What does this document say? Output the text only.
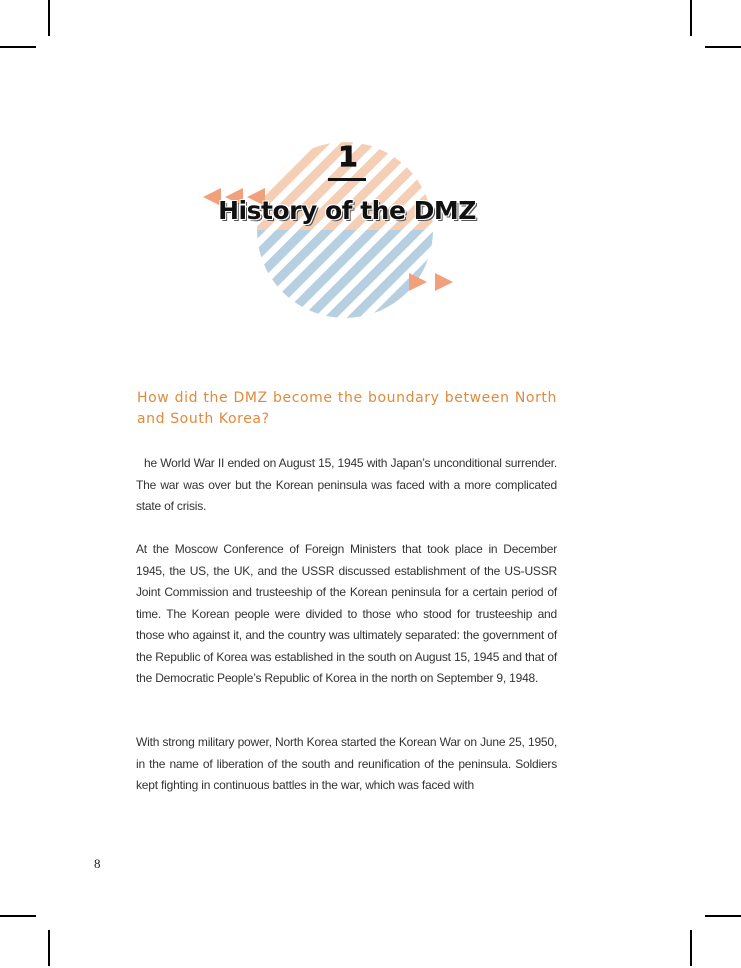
1
History of the DMZ
How did the DMZ become the boundary between North and South Korea?

he World War II ended on August 15, 1945 with Japan’s unconditional surrender. The war was over but the Korean peninsula was faced with a more complicated state of crisis.

At the Moscow Conference of Foreign Ministers that took place in December 1945, the US, the UK, and the USSR discussed establishment of the US-USSR Joint Commission and trusteeship of the Korean peninsula for a certain period of time. The Korean people were divided to those who stood for trusteeship and those who against it, and the country was ultimately separated: the government of the Republic of Korea was established in the south on August 15, 1945 and that of the Democratic People’s Republic of Korea in the north on September 9, 1948.

With strong military power, North Korea started the Korean War on June 25, 1950, in the name of liberation of the south and reunification of the peninsula. Soldiers kept fighting in continuous battles in the war, which was faced with

8
